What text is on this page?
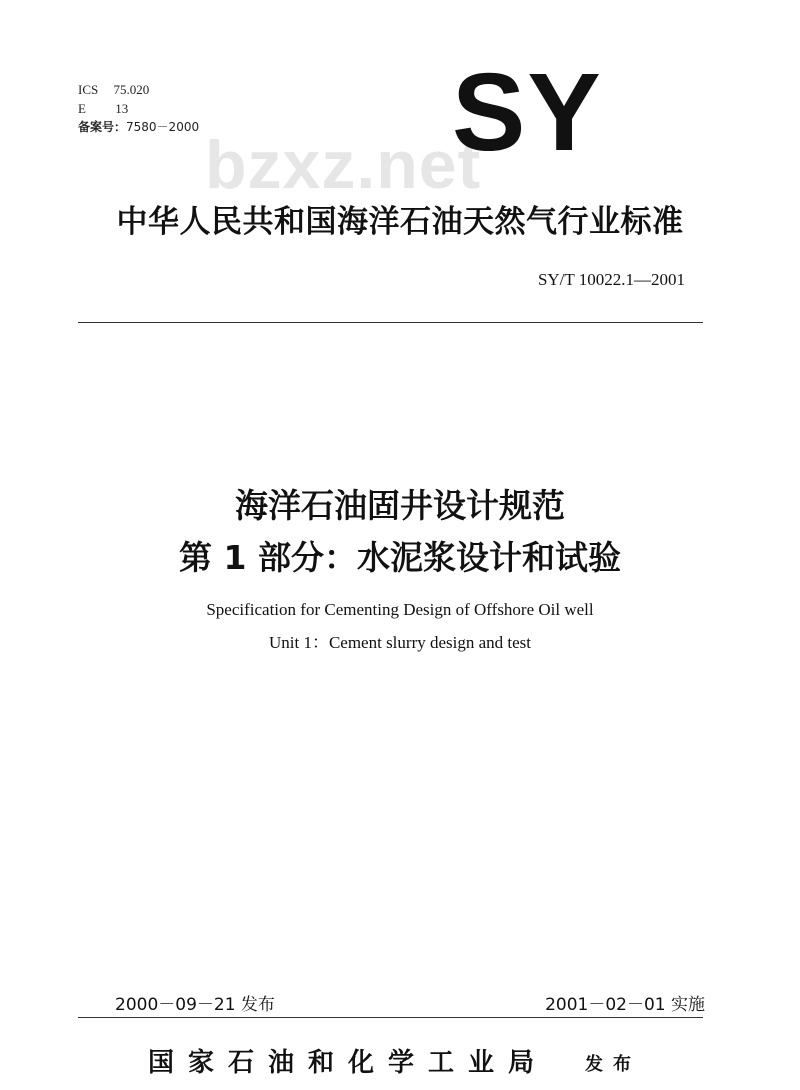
ICS 75.020
E 13
备案号：7580－2000 bzxz.net
SY
中华人民共和国海洋石油天然气行业标准
SY/T 10022.1—2001
海洋石油固井设计规范
第 1 部分：水泥浆设计和试验
Specification for Cementing Design of Offshore Oil well
Unit 1：Cement slurry design and test
2000－09－21 发布	2001－02－01 实施
国家石油和化学工业局 发布
